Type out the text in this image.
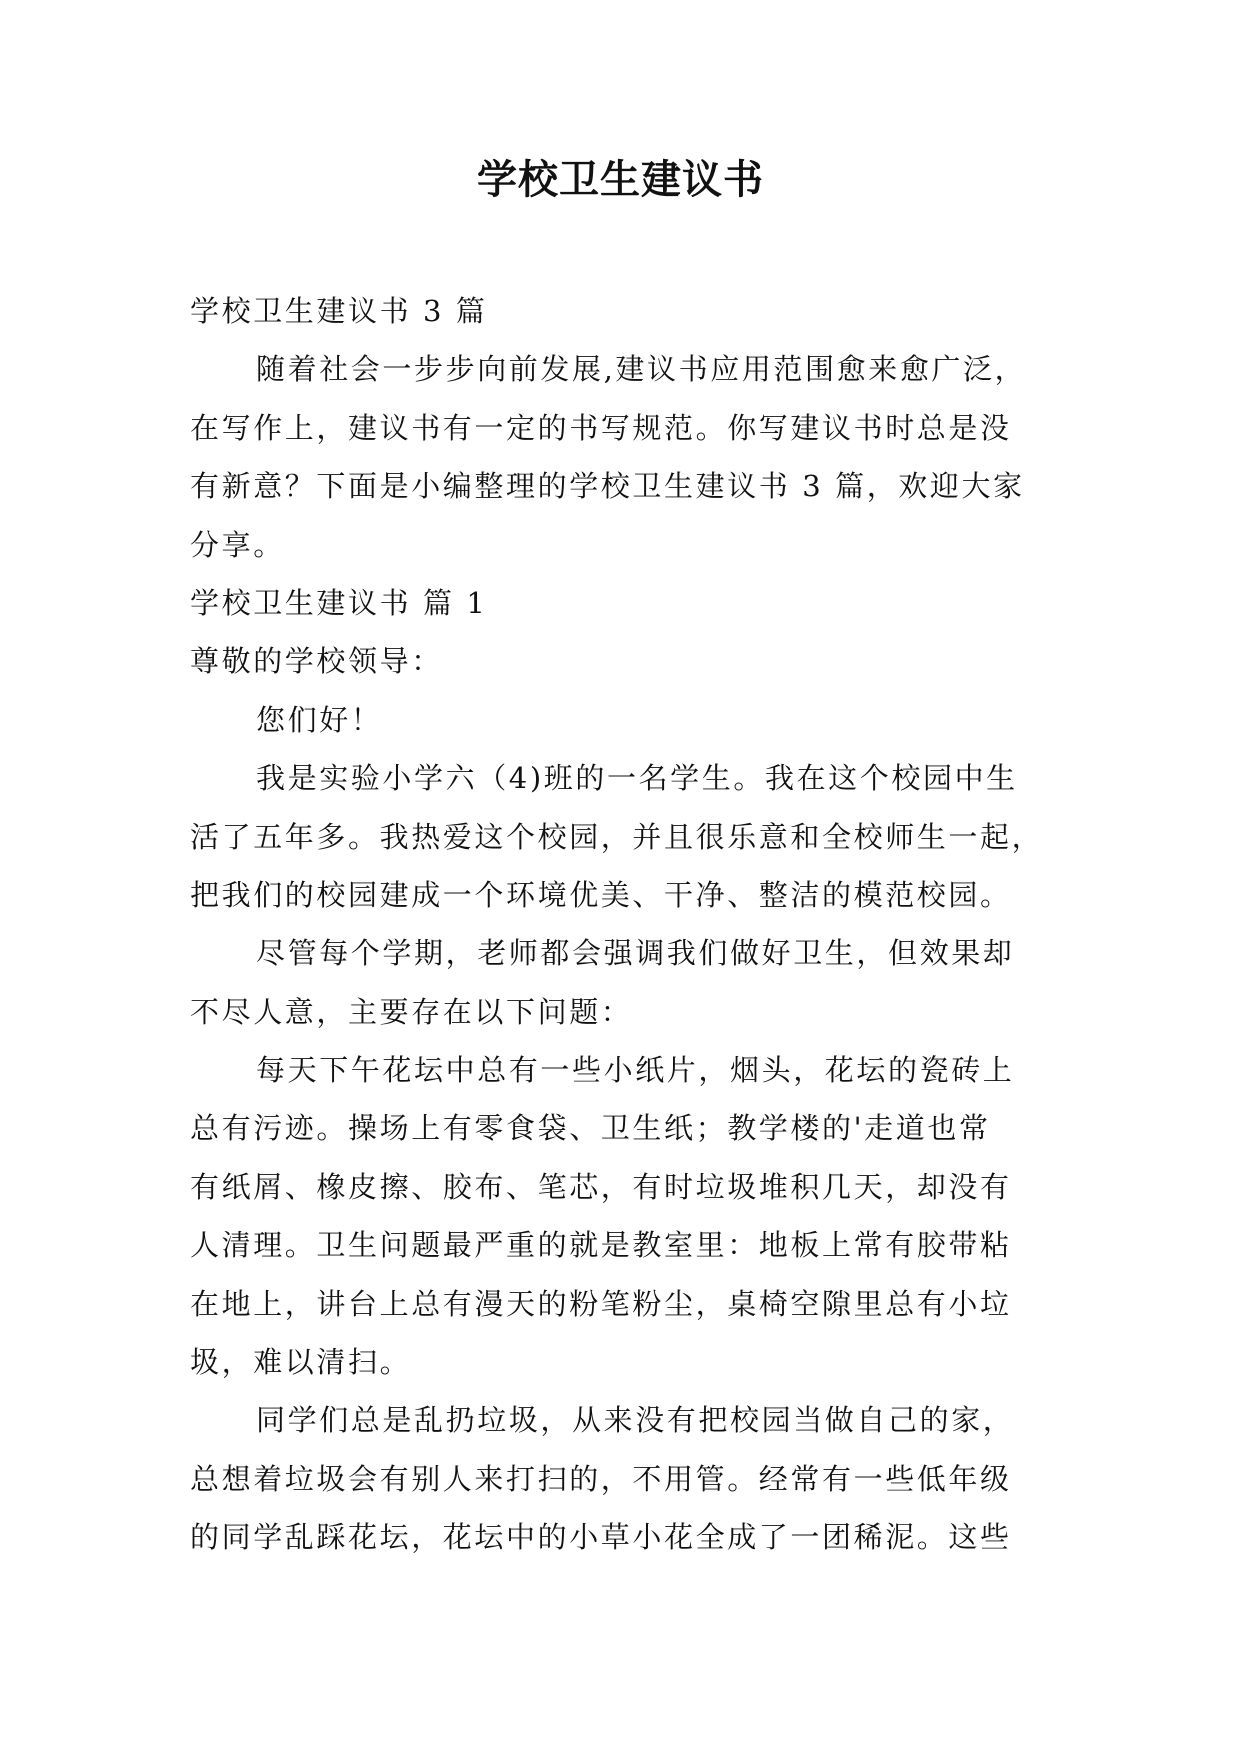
学校卫生建议书
学校卫生建议书 3 篇
随着社会一步步向前发展,建议书应用范围愈来愈广泛，
在写作上，建议书有一定的书写规范。你写建议书时总是没
有新意？下面是小编整理的学校卫生建议书 3 篇，欢迎大家
分享。
学校卫生建议书 篇 1
尊敬的学校领导：
您们好！
我是实验小学六（4)班的一名学生。我在这个校园中生
活了五年多。我热爱这个校园，并且很乐意和全校师生一起，
把我们的校园建成一个环境优美、干净、整洁的模范校园。
尽管每个学期，老师都会强调我们做好卫生，但效果却
不尽人意，主要存在以下问题：
每天下午花坛中总有一些小纸片，烟头，花坛的瓷砖上
总有污迹。操场上有零食袋、卫生纸；教学楼的'走道也常
有纸屑、橡皮擦、胶布、笔芯，有时垃圾堆积几天，却没有
人清理。卫生问题最严重的就是教室里：地板上常有胶带粘
在地上，讲台上总有漫天的粉笔粉尘，桌椅空隙里总有小垃
圾，难以清扫。
同学们总是乱扔垃圾，从来没有把校园当做自己的家，
总想着垃圾会有别人来打扫的，不用管。经常有一些低年级
的同学乱踩花坛，花坛中的小草小花全成了一团稀泥。这些
